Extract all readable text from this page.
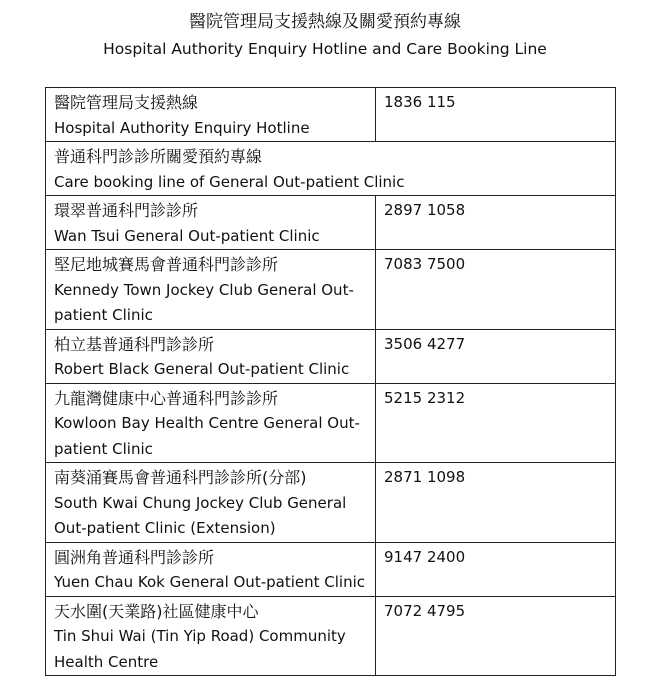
醫院管理局支援熱線及關愛預約專線
Hospital Authority Enquiry Hotline and Care Booking Line
醫院管理局支援熱線
Hospital Authority Enquiry Hotline	1836 115

普通科門診診所關愛預約專線
Care booking line of General Out-patient Clinic	

環翠普通科門診診所
Wan Tsui General Out-patient Clinic	2897 1058

堅尼地城賽馬會普通科門診診所
Kennedy Town Jockey Club General Out-patient Clinic	7083 7500

柏立基普通科門診診所
Robert Black General Out-patient Clinic	3506 4277

九龍灣健康中心普通科門診診所
Kowloon Bay Health Centre General Out-patient Clinic	5215 2312

南葵涌賽馬會普通科門診診所(分部)
South Kwai Chung Jockey Club General Out-patient Clinic (Extension)	2871 1098

圓洲角普通科門診診所
Yuen Chau Kok General Out-patient Clinic	9147 2400

天水圍(天業路)社區健康中心
Tin Shui Wai (Tin Yip Road) Community Health Centre	7072 4795
